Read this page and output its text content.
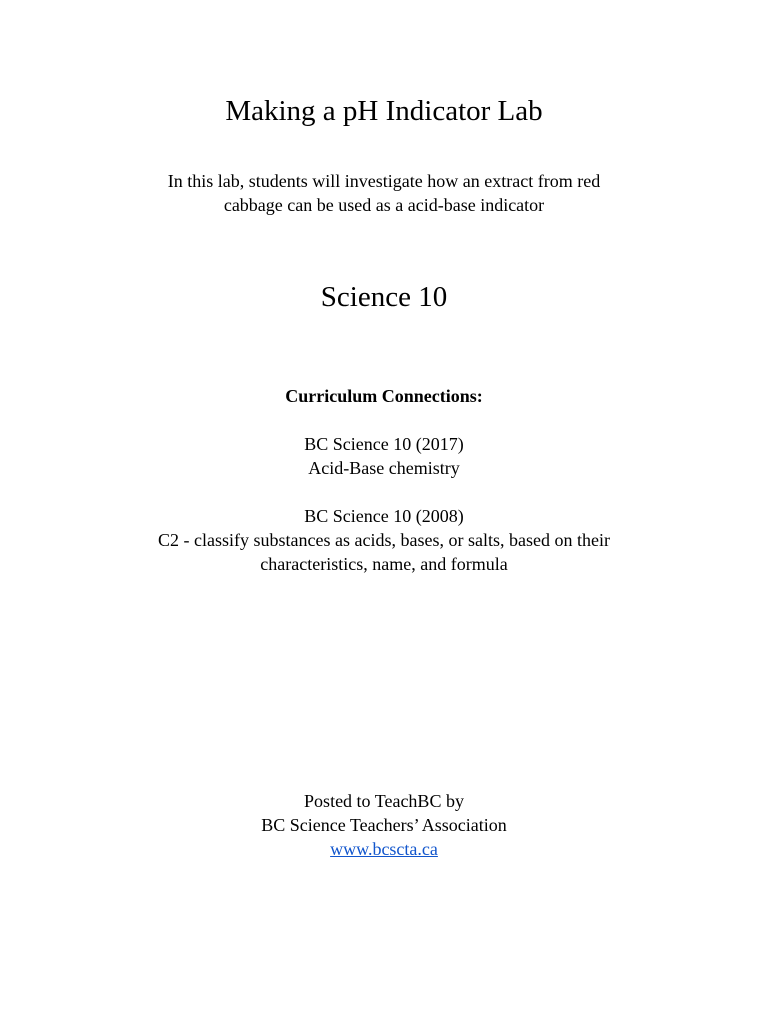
Making a pH Indicator Lab

In this lab, students will investigate how an extract from red
cabbage can be used as a acid-base indicator

Science 10
Curriculum Connections:

BC Science 10 (2017)
Acid-Base chemistry

BC Science 10 (2008)
C2 - classify substances as acids, bases, or salts, based on their
characteristics, name, and formula

Posted to TeachBC by
BC Science Teachers’ Association
www.bcscta.ca
